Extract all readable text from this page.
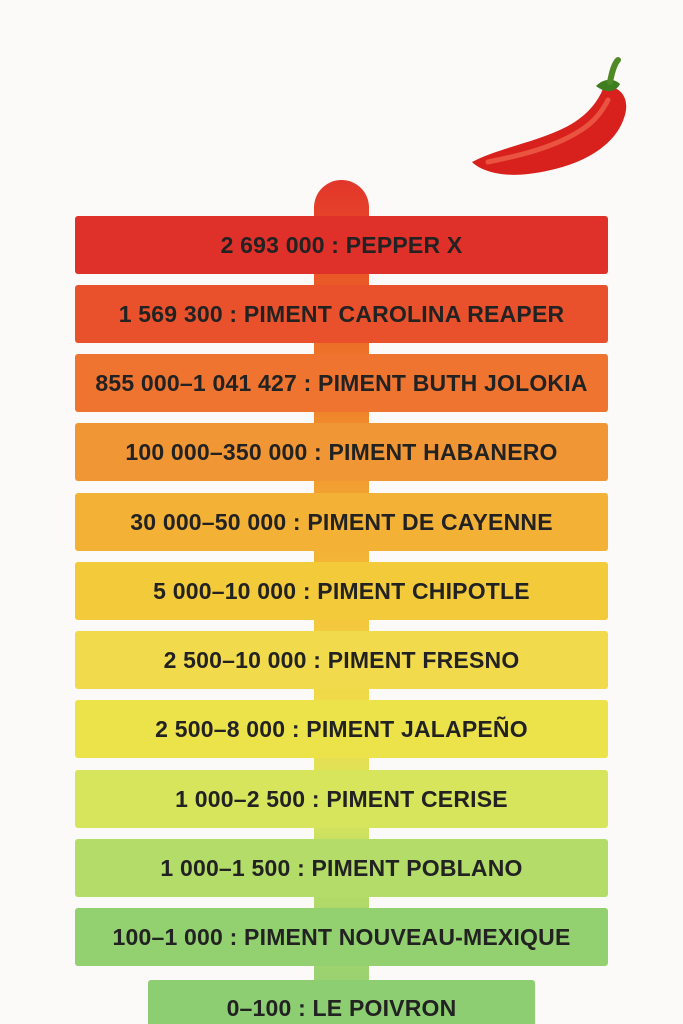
2 693 000 : PEPPER X
1 569 300 : PIMENT CAROLINA REAPER
855 000–1 041 427 : PIMENT BUTH JOLOKIA
100 000–350 000 : PIMENT HABANERO
30 000–50 000 : PIMENT DE CAYENNE
5 000–10 000 : PIMENT CHIPOTLE
2 500–10 000 : PIMENT FRESNO
2 500–8 000 : PIMENT JALAPEÑO
1 000–2 500 : PIMENT CERISE
1 000–1 500 : PIMENT POBLANO
100–1 000 : PIMENT NOUVEAU-MEXIQUE
0–100 : LE POIVRON
